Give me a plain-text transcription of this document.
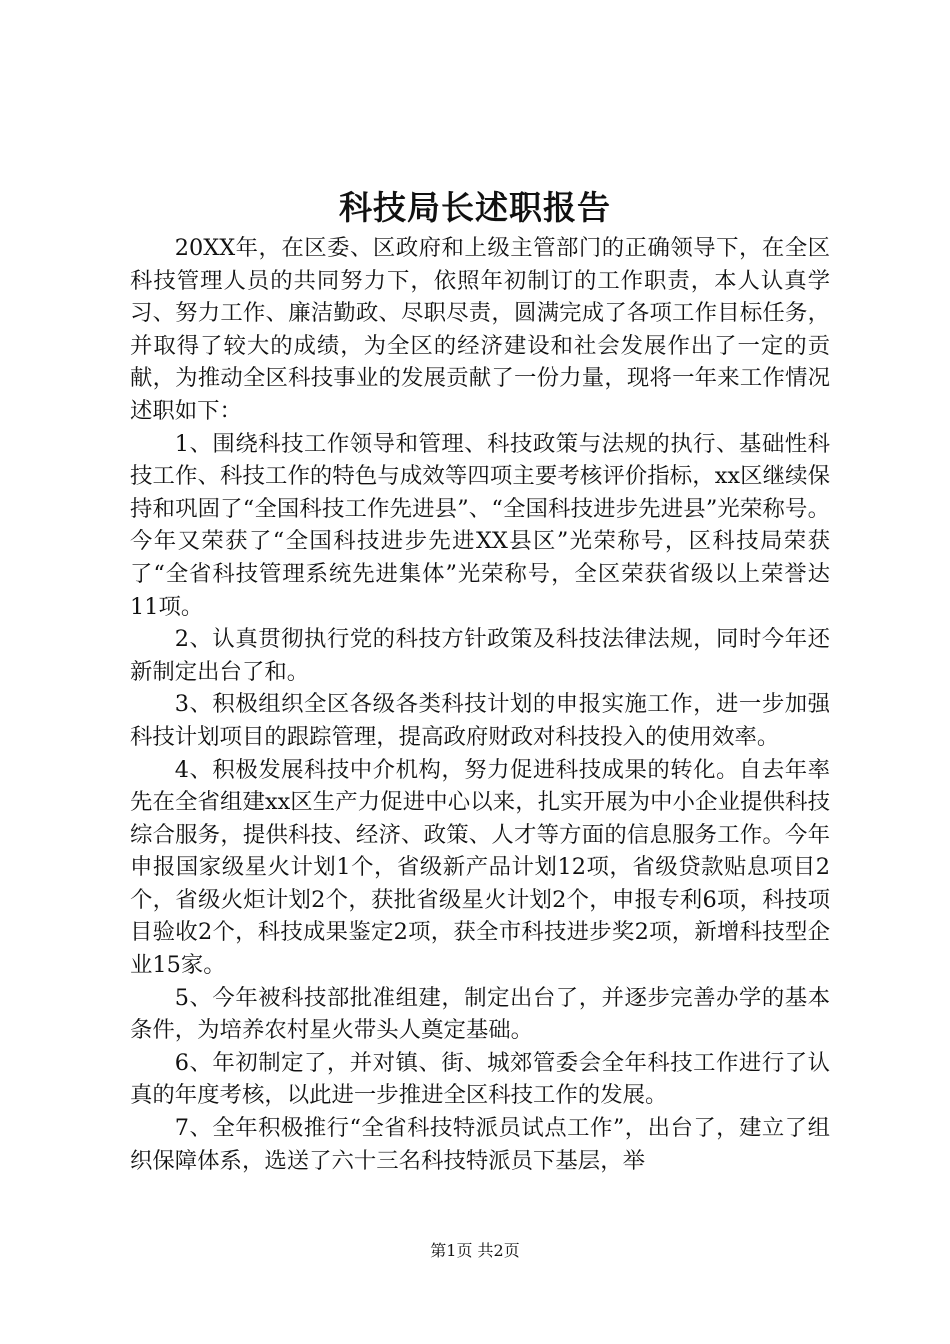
科技局长述职报告

20XX年，在区委、区政府和上级主管部门的正确领导下，在全区科技管理人员的共同努力下，依照年初制订的工作职责，本人认真学习、努力工作、廉洁勤政、尽职尽责，圆满完成了各项工作目标任务，并取得了较大的成绩，为全区的经济建设和社会发展作出了一定的贡献，为推动全区科技事业的发展贡献了一份力量，现将一年来工作情况述职如下：

1、围绕科技工作领导和管理、科技政策与法规的执行、基础性科技工作、科技工作的特色与成效等四项主要考核评价指标，xx区继续保持和巩固了“全国科技工作先进县”、“全国科技进步先进县”光荣称号。今年又荣获了“全国科技进步先进XX县区”光荣称号，区科技局荣获了“全省科技管理系统先进集体”光荣称号，全区荣获省级以上荣誉达11项。

2、认真贯彻执行党的科技方针政策及科技法律法规，同时今年还新制定出台了和。

3、积极组织全区各级各类科技计划的申报实施工作，进一步加强科技计划项目的跟踪管理，提高政府财政对科技投入的使用效率。

4、积极发展科技中介机构，努力促进科技成果的转化。自去年率先在全省组建xx区生产力促进中心以来，扎实开展为中小企业提供科技综合服务，提供科技、经济、政策、人才等方面的信息服务工作。今年申报国家级星火计划1个，省级新产品计划12项，省级贷款贴息项目2个，省级火炬计划2个，获批省级星火计划2个，申报专利6项，科技项目验收2个，科技成果鉴定2项，获全市科技进步奖2项，新增科技型企业15家。

5、今年被科技部批准组建，制定出台了，并逐步完善办学的基本条件，为培养农村星火带头人奠定基础。

6、年初制定了，并对镇、街、城郊管委会全年科技工作进行了认真的年度考核，以此进一步推进全区科技工作的发展。

7、全年积极推行“全省科技特派员试点工作”，出台了，建立了组织保障体系，选送了六十三名科技特派员下基层，举

第1页 共2页
